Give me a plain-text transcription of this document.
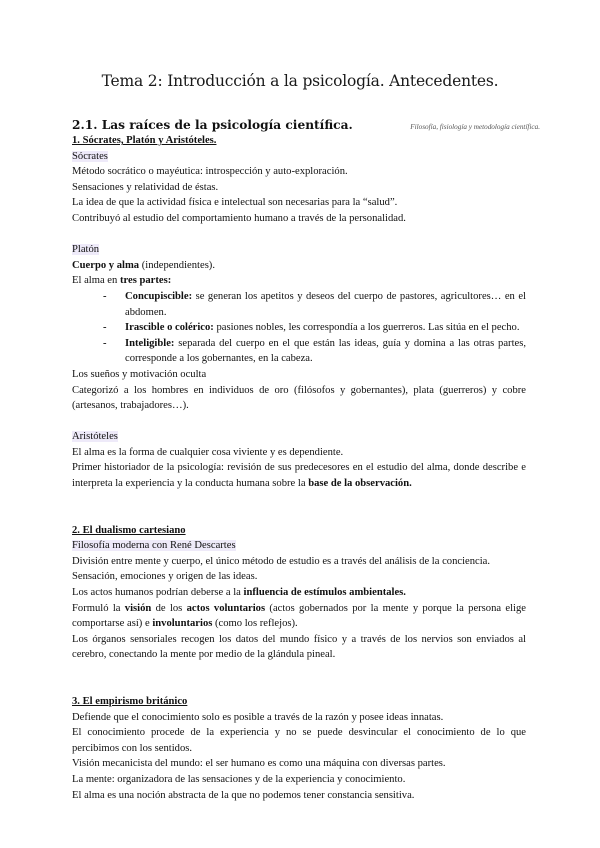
Tema 2: Introducción a la psicología. Antecedentes.
2.1. Las raíces de la psicología científica.	Filosofía, fisiología y metodología científica.
1. Sócrates, Platón y Aristóteles.
Sócrates
Método socrático o mayéutica: introspección y auto-exploración.
Sensaciones y relatividad de éstas.
La idea de que la actividad física e intelectual son necesarias para la “salud”.
Contribuyó al estudio del comportamiento humano a través de la personalidad.
Platón
Cuerpo y alma (independientes).
El alma en tres partes:
- Concupiscible: se generan los apetitos y deseos del cuerpo de pastores, agricultores… en el abdomen.
- Irascible o colérico: pasiones nobles, les correspondía a los guerreros. Las sitúa en el pecho.
- Inteligible: separada del cuerpo en el que están las ideas, guía y domina a las otras partes, corresponde a los gobernantes, en la cabeza.
Los sueños y motivación oculta
Categorizó a los hombres en individuos de oro (filósofos y gobernantes), plata (guerreros) y cobre (artesanos, trabajadores…).
Aristóteles
El alma es la forma de cualquier cosa viviente y es dependiente.
Primer historiador de la psicología: revisión de sus predecesores en el estudio del alma, donde describe e interpreta la experiencia y la conducta humana sobre la base de la observación.
2. El dualismo cartesiano
Filosofía moderna con René Descartes
División entre mente y cuerpo, el único método de estudio es a través del análisis de la conciencia.
Sensación, emociones y origen de las ideas.
Los actos humanos podrían deberse a la influencia de estímulos ambientales.
Formuló la visión de los actos voluntarios (actos gobernados por la mente y porque la persona elige comportarse así) e involuntarios (como los reflejos).
Los órganos sensoriales recogen los datos del mundo físico y a través de los nervios son enviados al cerebro, conectando la mente por medio de la glándula pineal.
3. El empirismo británico
Defiende que el conocimiento solo es posible a través de la razón y posee ideas innatas.
El conocimiento procede de la experiencia y no se puede desvincular el conocimiento de lo que percibimos con los sentidos.
Visión mecanicista del mundo: el ser humano es como una máquina con diversas partes.
La mente: organizadora de las sensaciones y de la experiencia y conocimiento.
El alma es una noción abstracta de la que no podemos tener constancia sensitiva.
